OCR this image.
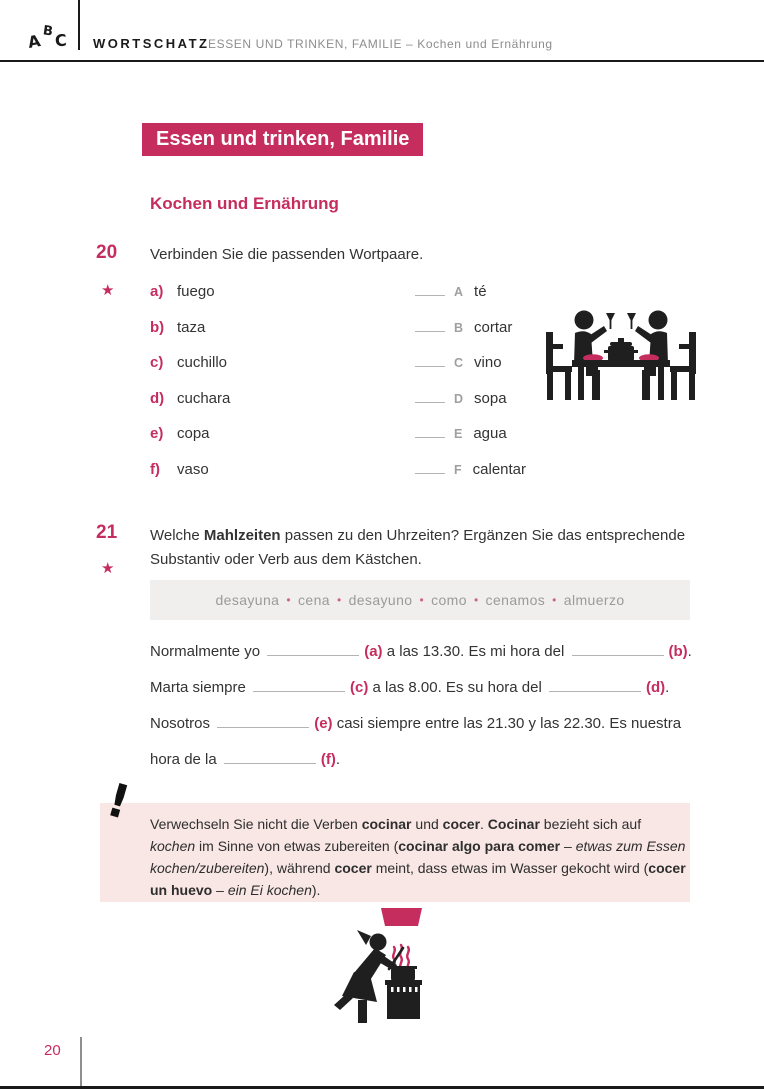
A B C WORTSCHATZ
ESSEN UND TRINKEN, FAMILIE – Kochen und Ernährung
Essen und trinken, Familie
Kochen und Ernährung
20
★
Verbinden Sie die passenden Wortpaare.
a) fuego	A té
b) taza	B cortar
c) cuchillo	C vino
d) cuchara	D sopa
e) copa	E agua
f) vaso	F calentar
21
★
Welche Mahlzeiten passen zu den Uhrzeiten? Ergänzen Sie das entsprechende Substantiv oder Verb aus dem Kästchen.
desayuna • cena • desayuno • como • cenamos • almuerzo
Normalmente yo	(a) a las 13.30. Es mi hora del	(b).
Marta siempre	(c) a las 8.00. Es su hora del	(d).
Nosotros	(e) casi siempre entre las 21.30 y las 22.30. Es nuestra
hora de la	(f).
Verwechseln Sie nicht die Verben cocinar und cocer. Cocinar bezieht sich auf kochen im Sinne von etwas zubereiten (cocinar algo para comer – etwas zum Essen kochen/zubereiten), während cocer meint, dass etwas im Wasser gekocht wird (cocer un huevo – ein Ei kochen).
!
20
